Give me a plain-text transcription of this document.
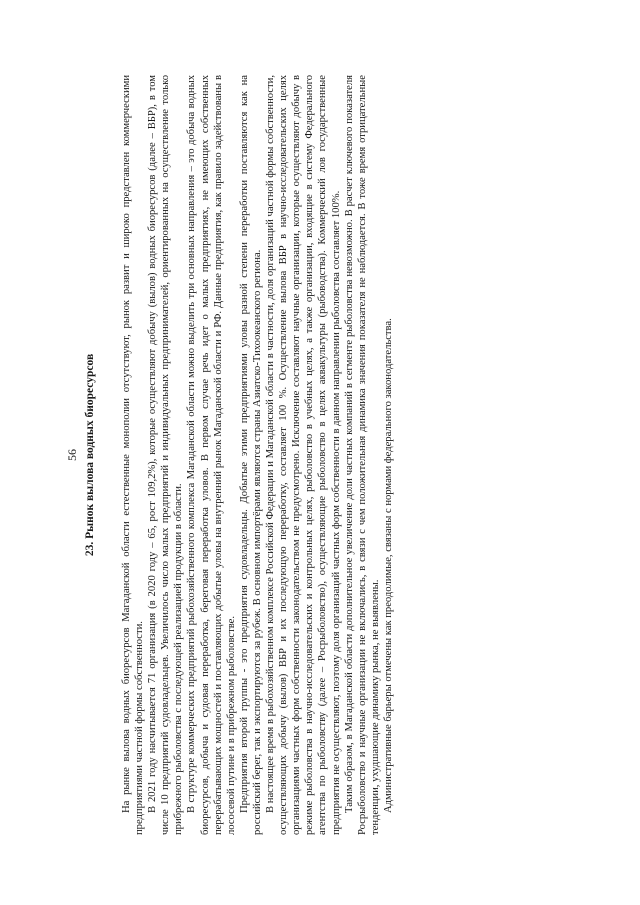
56 23. Рынок вылова водных биоресурсов На рынке вылова водных биоресурсов Магаданской области естественные монополии отсутствуют, рынок развит и широко представлен коммерческими предприятиями частной формы собственности. В 2021 году насчитывается 71 организация (в 2020 году – 65, рост 109,2%), которые осуществляют добычу (вылов) водных биоресурсов (далее – ВБР), в том числе 10 предприятий судовладельцев. Увеличилось число малых предприятий и индивидуальных предпринимателей, ориентированных на осуществление только прибрежного рыболовства с последующей реализацией продукции в области. В структуре коммерческих предприятий рыбохозяйственного комплекса Магаданской области можно выделить три основных направления – это добыча водных биоресурсов, добыча и судовая переработка, береговая переработка уловов. В первом случае речь идет о малых предприятиях, не имеющих собственных перерабатывающих мощностей и поставляющих добытые уловы на внутренний рынок Магаданской области и РФ. Данные предприятия, как правило задействованы в лососевой путине и в прибрежном рыболовстве. Предприятия второй группы - это предприятия судовладельцы. Добытые этими предприятиями уловы разной степени переработки поставляются как на российский берег, так и экспортируются за рубеж. В основном импортёрами являются страны Азиатско-Тихоокеанского региона. В настоящее время в рыбохозяйственном комплексе Российской Федерации и Магаданской области в частности, доля организаций частной формы собственности, осуществляющих добычу (вылов) ВБР и их последующую переработку, составляет 100 %. Осуществление вылова ВБР в научно-исследовательских целях организациями частных форм собственности законодательством не предусмотрено. Исключение составляют научные организации, которые осуществляют добычу в режиме рыболовства в научно-исследовательских и контрольных целях, рыболовство в учебных целях, а также организации, входящие в систему Федерального агентства по рыболовству (далее – Росрыболовство), осуществляющие рыболовство в целях аквакультуры (рыбоводства). Коммерческий лов государственные предприятия не осуществляют, поэтому доля организаций частных форм собственности в данном направлении рыболовства составляет 100%. Таким образом, в Магаданской области дополнительное увеличение доли частных компаний в сегменте рыболовства невозможно. В расчет ключевого показателя Росрыболовство и научные организации не включались, в связи с чем положительная динамика значения показателя не наблюдается. В тоже время отрицательные тенденции, ухудшающие динамику рынка, не выявлены. Административные барьеры отмечены как преодолимые, связаны с нормами федерального законодательства.
